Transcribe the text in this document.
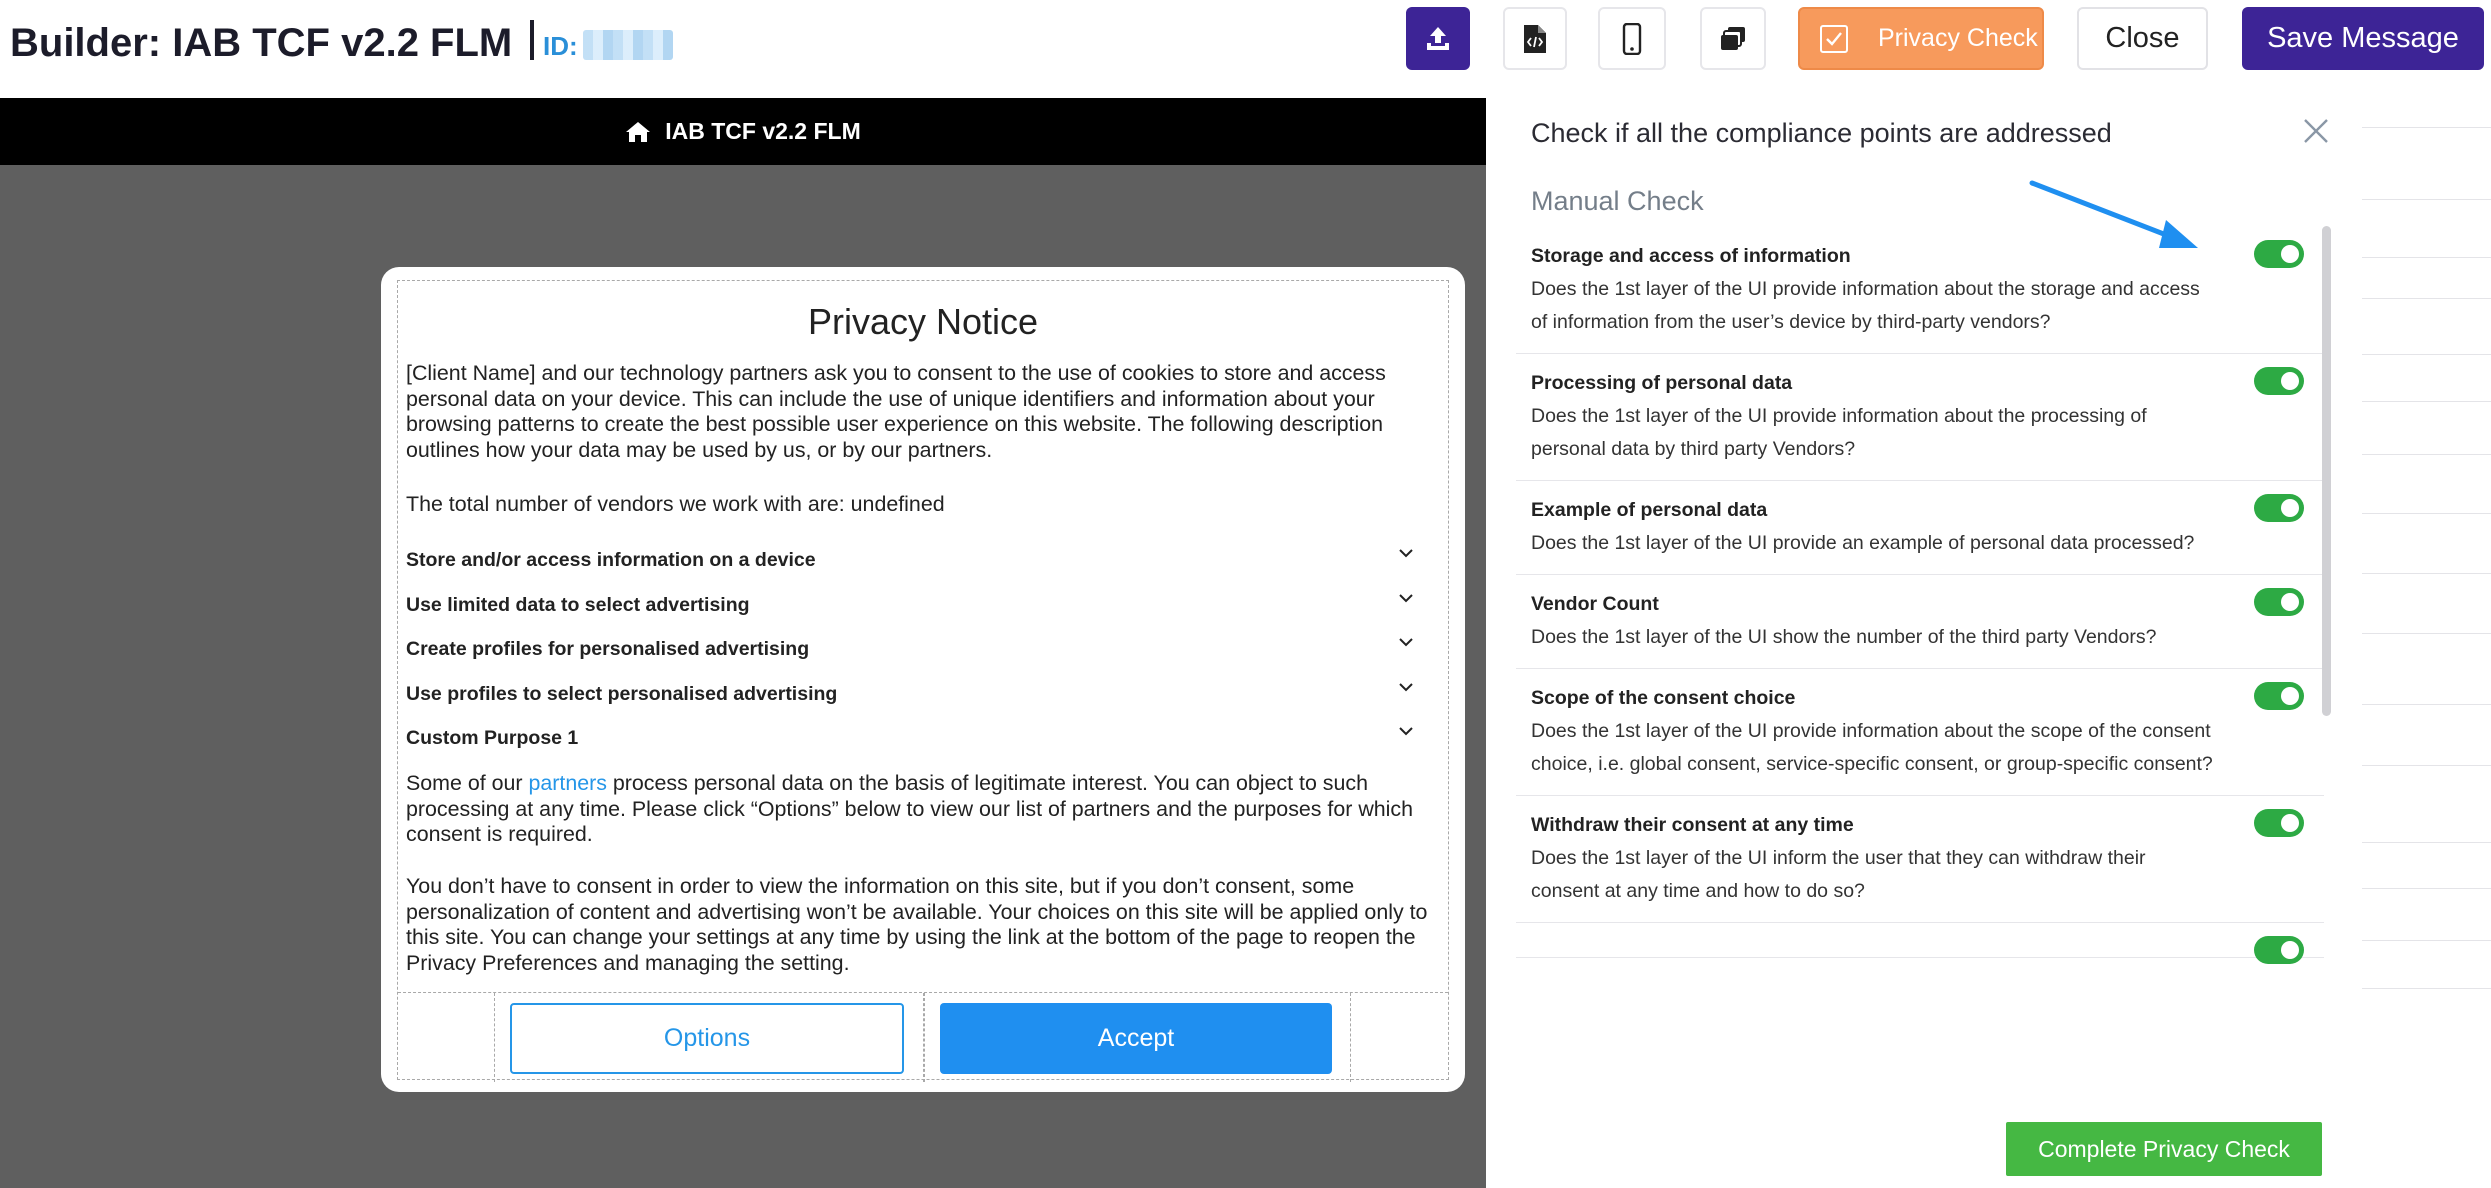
Builder: IAB TCF v2.2 FLM	ID:	Privacy Check	Close	Save Message
IAB TCF v2.2 FLM
Privacy Notice
[Client Name] and our technology partners ask you to consent to the use of cookies to store and access personal data on your device. This can include the use of unique identifiers and information about your browsing patterns to create the best possible user experience on this website. The following description outlines how your data may be used by us, or by our partners.
The total number of vendors we work with are: undefined
Store and/or access information on a device
Use limited data to select advertising
Create profiles for personalised advertising
Use profiles to select personalised advertising
Custom Purpose 1
Some of our partners process personal data on the basis of legitimate interest. You can object to such processing at any time. Please click “Options” below to view our list of partners and the purposes for which consent is required.
You don’t have to consent in order to view the information on this site, but if you don’t consent, some personalization of content and advertising won’t be available. Your choices on this site will be applied only to this site. You can change your settings at any time by using the link at the bottom of the page to reopen the Privacy Preferences and managing the setting.
Options	Accept
Check if all the compliance points are addressed
Manual Check
Storage and access of information
Does the 1st layer of the UI provide information about the storage and access of information from the user’s device by third-party vendors?
Processing of personal data
Does the 1st layer of the UI provide information about the processing of personal data by third party Vendors?
Example of personal data
Does the 1st layer of the UI provide an example of personal data processed?
Vendor Count
Does the 1st layer of the UI show the number of the third party Vendors?
Scope of the consent choice
Does the 1st layer of the UI provide information about the scope of the consent choice, i.e. global consent, service-specific consent, or group-specific consent?
Withdraw their consent at any time
Does the 1st layer of the UI inform the user that they can withdraw their consent at any time and how to do so?
Complete Privacy Check
